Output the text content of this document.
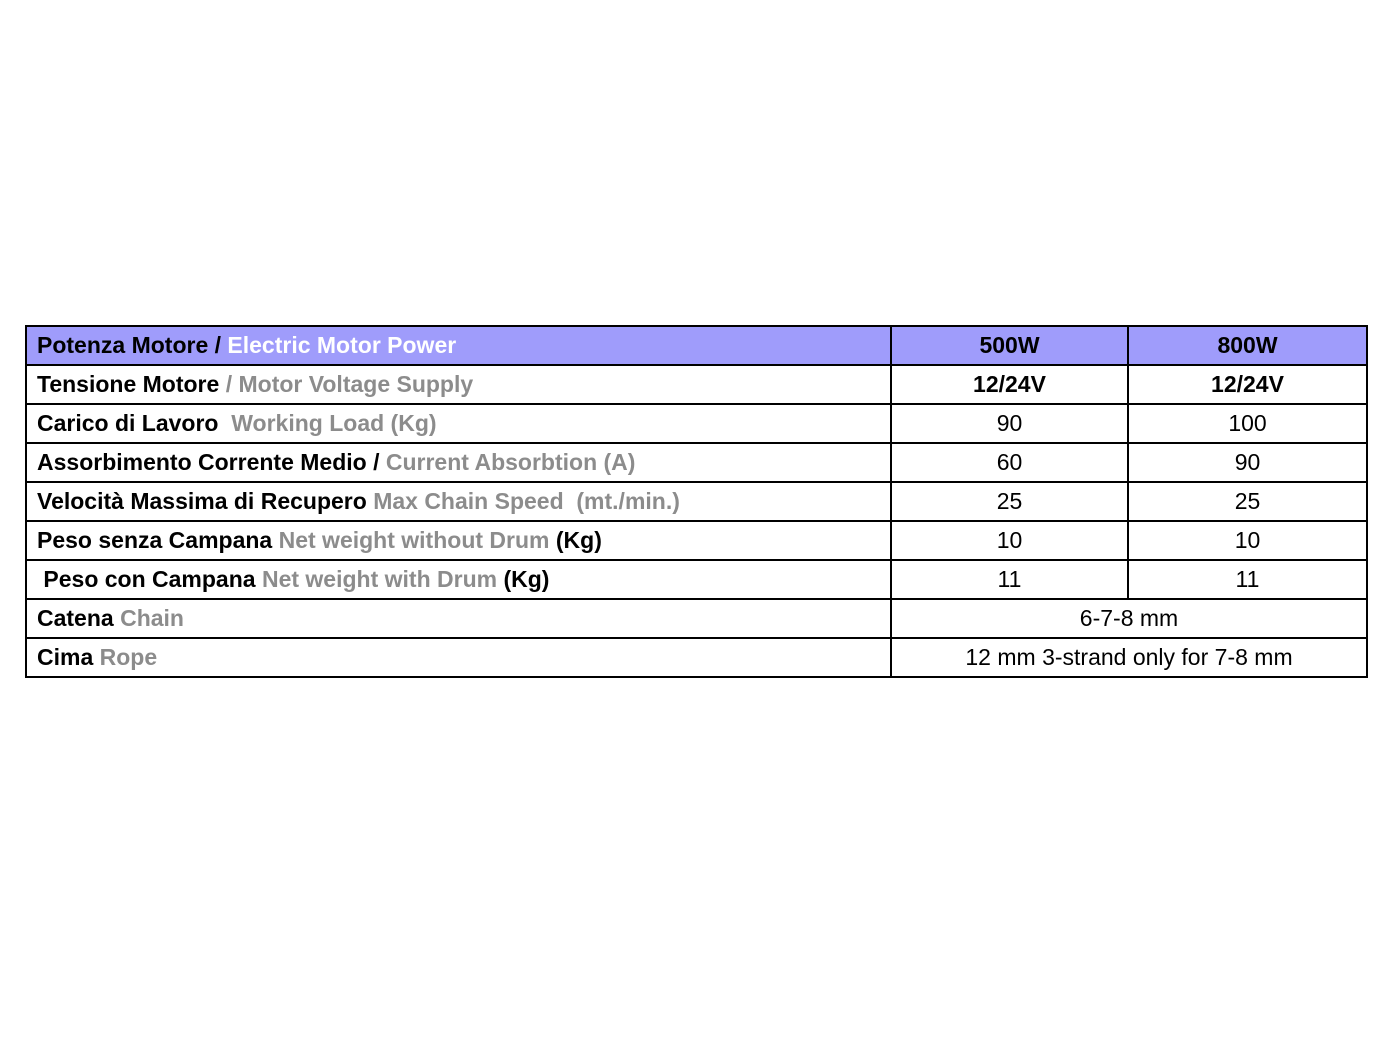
Potenza Motore / Electric Motor Power	500W	800W
Tensione Motore / Motor Voltage Supply	12/24V	12/24V
Carico di Lavoro Working Load (Kg)	90	100
Assorbimento Corrente Medio / Current Absorbtion (A)	60	90
Velocità Massima di Recupero Max Chain Speed  (mt./min.)	25	25
Peso senza Campana Net weight without Drum (Kg)	10	10
Peso con Campana Net weight with Drum (Kg)	11	11
Catena Chain	6-7-8 mm	
Cima Rope	12 mm 3-strand only for 7-8 mm	
